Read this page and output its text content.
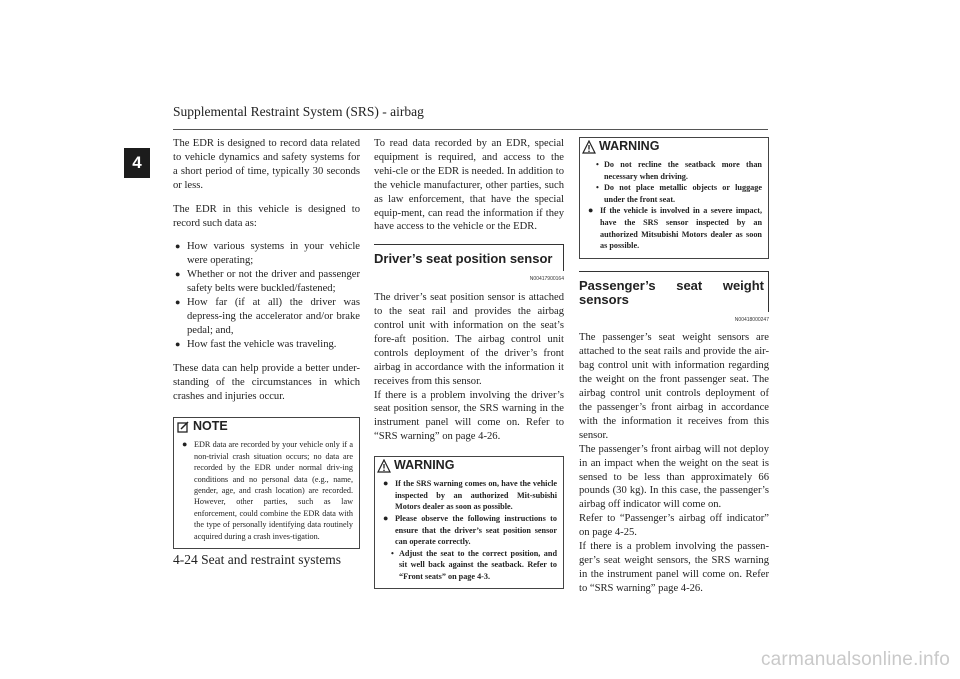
Supplemental Restraint System (SRS) - airbag
4
4-24 Seat and restraint systems

The EDR is designed to record data related to vehicle dynamics and safety systems for a short period of time, typically 30 seconds or less.

The EDR in this vehicle is designed to record such data as:

● How various systems in your vehicle were operating;
● Whether or not the driver and passenger safety belts were buckled/fastened;
● How far (if at all) the driver was depress-ing the accelerator and/or brake pedal; and,
● How fast the vehicle was traveling.

These data can help provide a better under-standing of the circumstances in which crashes and injuries occur.

NOTE
● EDR data are recorded by your vehicle only if a non-trivial crash situation occurs; no data are recorded by the EDR under normal driv-ing conditions and no personal data (e.g., name, gender, age, and crash location) are recorded. However, other parties, such as law enforcement, could combine the EDR data with the type of personally identifying data routinely acquired during a crash inves-tigation.

To read data recorded by an EDR, special equipment is required, and access to the vehi-cle or the EDR is needed. In addition to the vehicle manufacturer, other parties, such as law enforcement, that have the special equip-ment, can read the information if they have access to the vehicle or the EDR.

Driver’s seat position sensor
N00417900164
The driver’s seat position sensor is attached to the seat rail and provides the airbag control unit with information on the seat’s fore-aft position. The airbag control unit controls deployment of the driver’s front airbag in accordance with the information it receives from this sensor.

If there is a problem involving the driver’s seat position sensor, the SRS warning in the instrument panel will come on. Refer to “SRS warning” on page 4-26.

WARNING
● If the SRS warning comes on, have the vehicle inspected by an authorized Mit-subishi Motors dealer as soon as possible.
● Please observe the following instructions to ensure that the driver’s seat position sensor can operate correctly.
• Adjust the seat to the correct position, and sit well back against the seatback. Refer to “Front seats” on page 4-3.
WARNING
• Do not recline the seatback more than necessary when driving.
• Do not place metallic objects or luggage under the front seat.
● If the vehicle is involved in a severe impact, have the SRS sensor inspected by an authorized Mitsubishi Motors dealer as soon as possible.
Passenger’s seat weight sensors
N00418000247
The passenger’s seat weight sensors are attached to the seat rails and provide the air-bag control unit with information regarding the weight on the front passenger seat. The airbag control unit controls deployment of the passenger’s front airbag in accordance with the information it receives from this sensor.
The passenger’s front airbag will not deploy in an impact when the weight on the seat is sensed to be less than approximately 66 pounds (30 kg). In this case, the passenger’s airbag off indicator will come on.
Refer to “Passenger’s airbag off indicator” on page 4-25.
If there is a problem involving the passen-ger’s seat weight sensors, the SRS warning in the instrument panel will come on. Refer to “SRS warning” page 4-26.
carmanualsonline.info
